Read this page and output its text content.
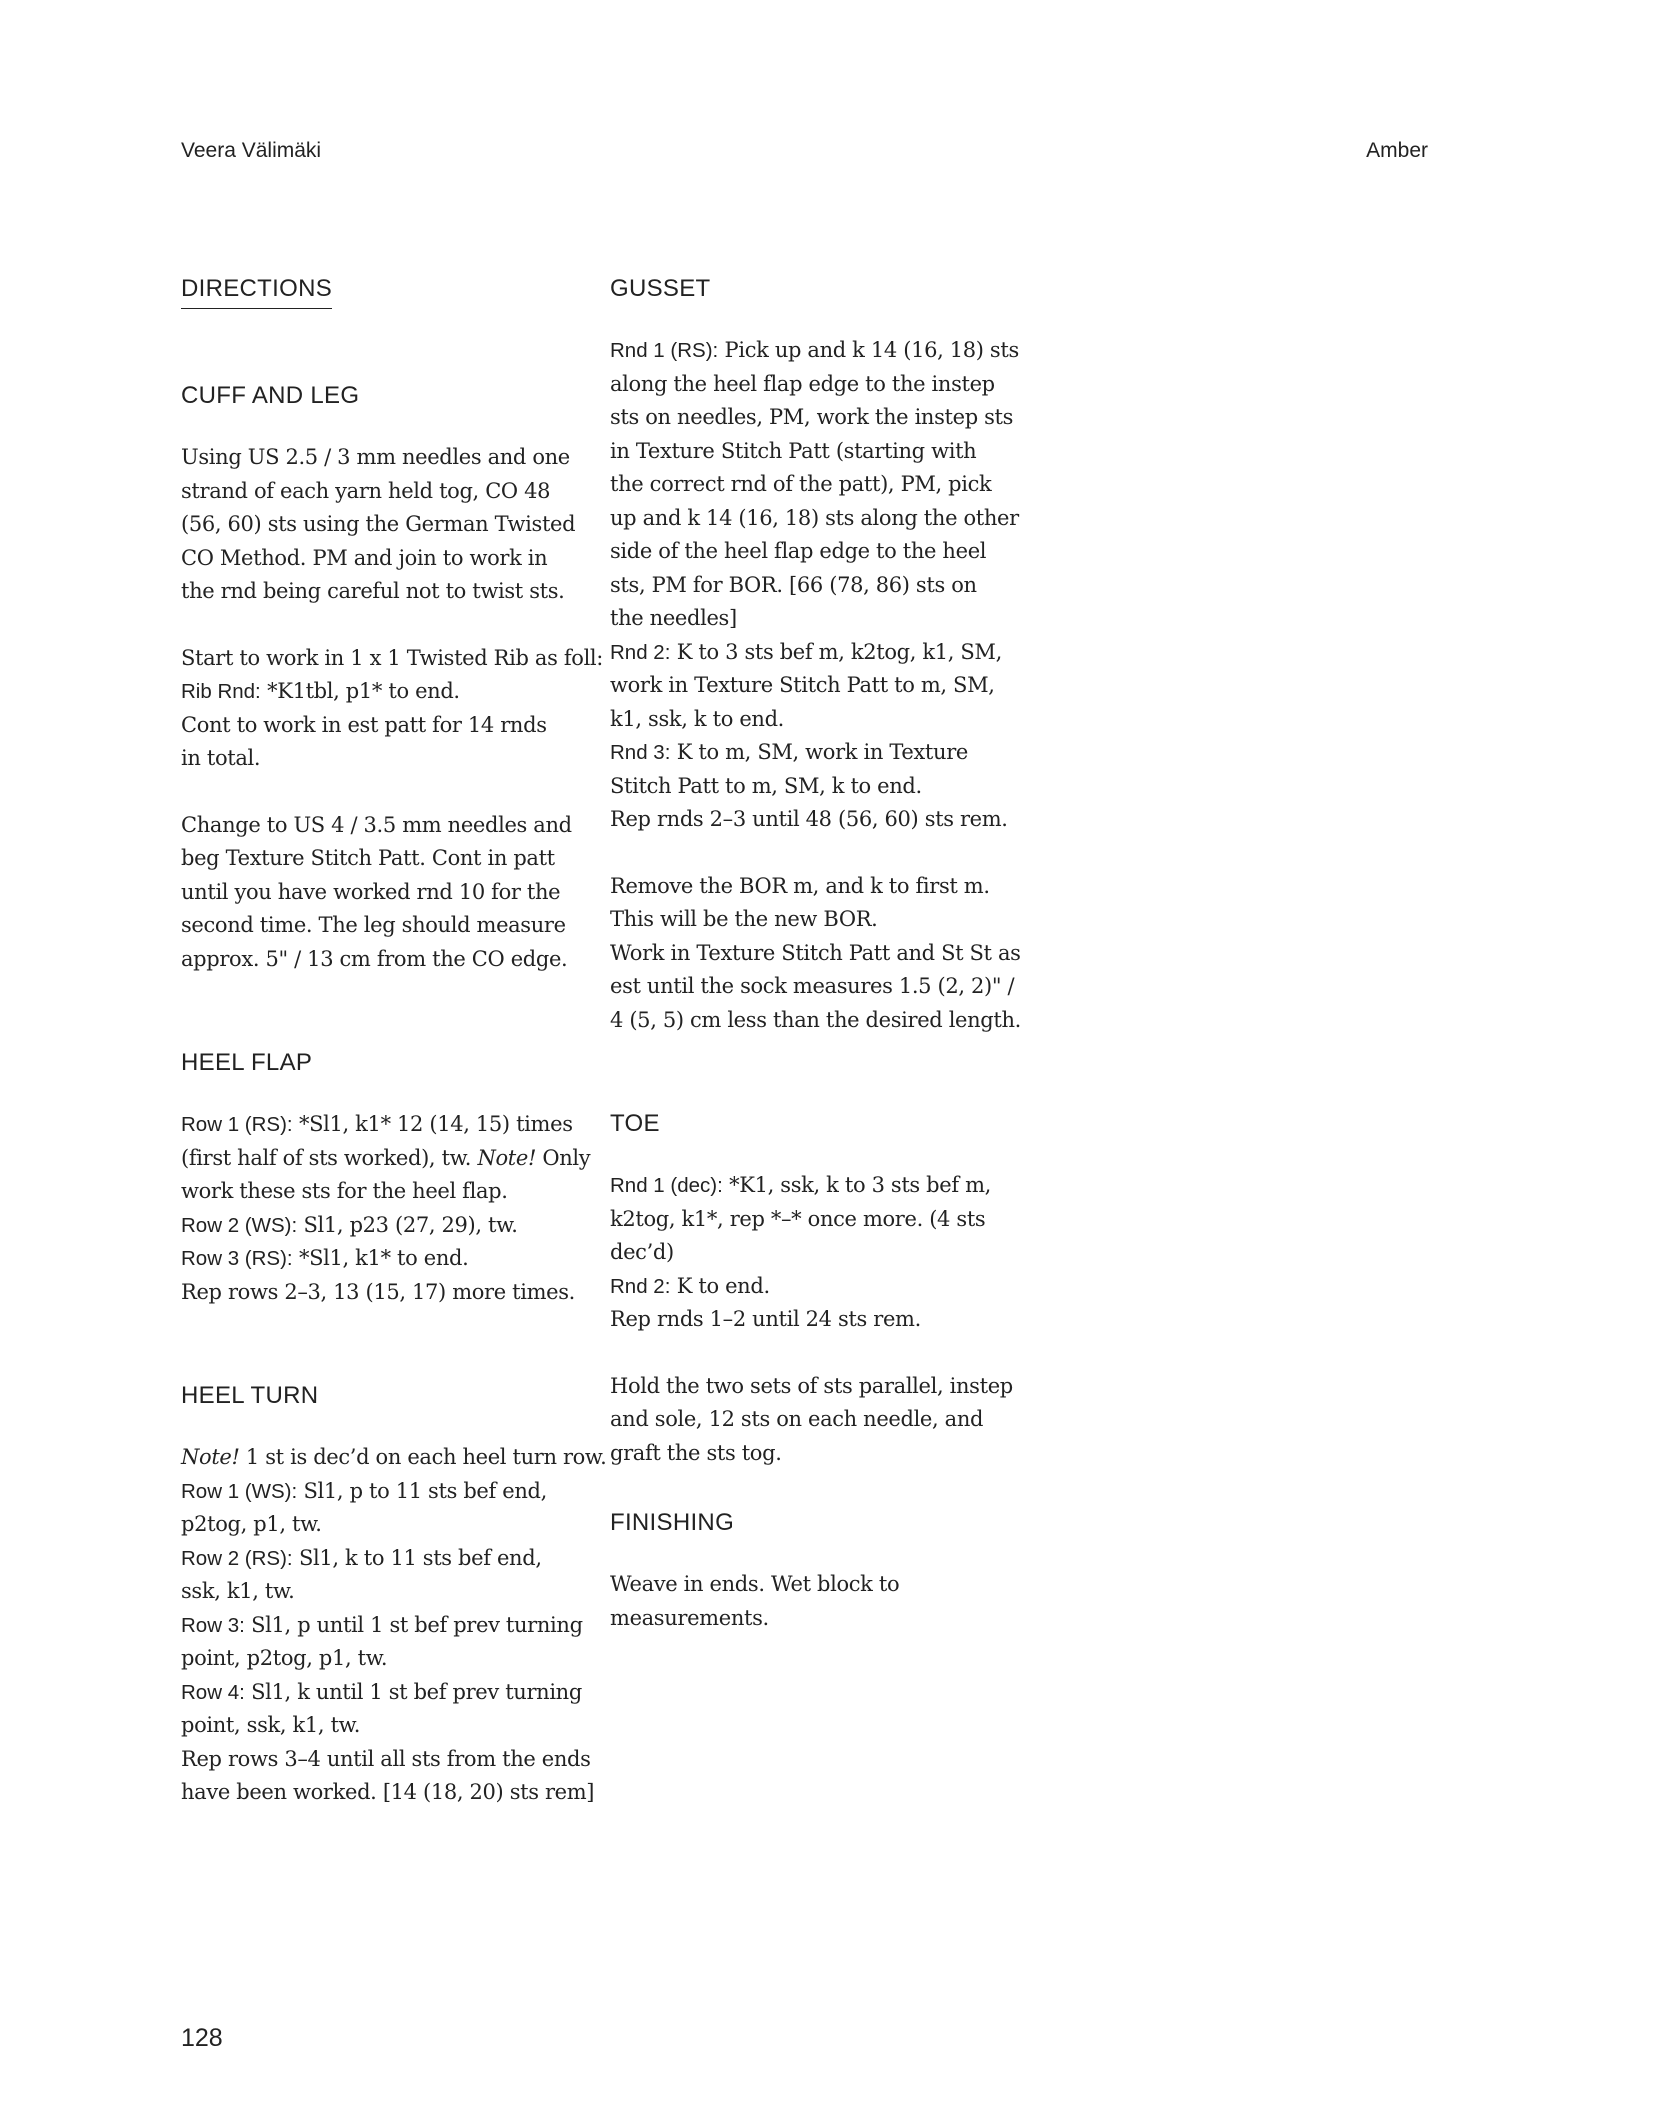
Veera Välimäki	Amber
DIRECTIONS
CUFF AND LEG

Using US 2.5 / 3 mm needles and one
strand of each yarn held tog, CO 48
(56, 60) sts using the German Twisted
CO Method. PM and join to work in
the rnd being careful not to twist sts.

Start to work in 1 x 1 Twisted Rib as foll:
Rib Rnd: *K1tbl, p1* to end.
Cont to work in est patt for 14 rnds
in total.

Change to US 4 / 3.5 mm needles and
beg Texture Stitch Patt. Cont in patt
until you have worked rnd 10 for the
second time. The leg should measure
approx. 5" / 13 cm from the CO edge.

HEEL FLAP

Row 1 (RS): *Sl1, k1* 12 (14, 15) times
(first half of sts worked), tw. Note! Only
work these sts for the heel flap.
Row 2 (WS): Sl1, p23 (27, 29), tw.
Row 3 (RS): *Sl1, k1* to end.
Rep rows 2–3, 13 (15, 17) more times.

HEEL TURN

Note! 1 st is dec’d on each heel turn row.
Row 1 (WS): Sl1, p to 11 sts bef end,
p2tog, p1, tw.
Row 2 (RS): Sl1, k to 11 sts bef end,
ssk, k1, tw.
Row 3: Sl1, p until 1 st bef prev turning
point, p2tog, p1, tw.
Row 4: Sl1, k until 1 st bef prev turning
point, ssk, k1, tw.
Rep rows 3–4 until all sts from the ends
have been worked. [14 (18, 20) sts rem]

GUSSET

Rnd 1 (RS): Pick up and k 14 (16, 18) sts
along the heel flap edge to the instep
sts on needles, PM, work the instep sts
in Texture Stitch Patt (starting with
the correct rnd of the patt), PM, pick
up and k 14 (16, 18) sts along the other
side of the heel flap edge to the heel
sts, PM for BOR. [66 (78, 86) sts on
the needles]
Rnd 2: K to 3 sts bef m, k2tog, k1, SM,
work in Texture Stitch Patt to m, SM,
k1, ssk, k to end.
Rnd 3: K to m, SM, work in Texture
Stitch Patt to m, SM, k to end.
Rep rnds 2–3 until 48 (56, 60) sts rem.

Remove the BOR m, and k to first m.
This will be the new BOR.
Work in Texture Stitch Patt and St St as
est until the sock measures 1.5 (2, 2)" /
4 (5, 5) cm less than the desired length.

TOE

Rnd 1 (dec): *K1, ssk, k to 3 sts bef m,
k2tog, k1*, rep *–* once more. (4 sts
dec’d)
Rnd 2: K to end.
Rep rnds 1–2 until 24 sts rem.

Hold the two sets of sts parallel, instep
and sole, 12 sts on each needle, and
graft the sts tog.

FINISHING

Weave in ends. Wet block to
measurements.

128
